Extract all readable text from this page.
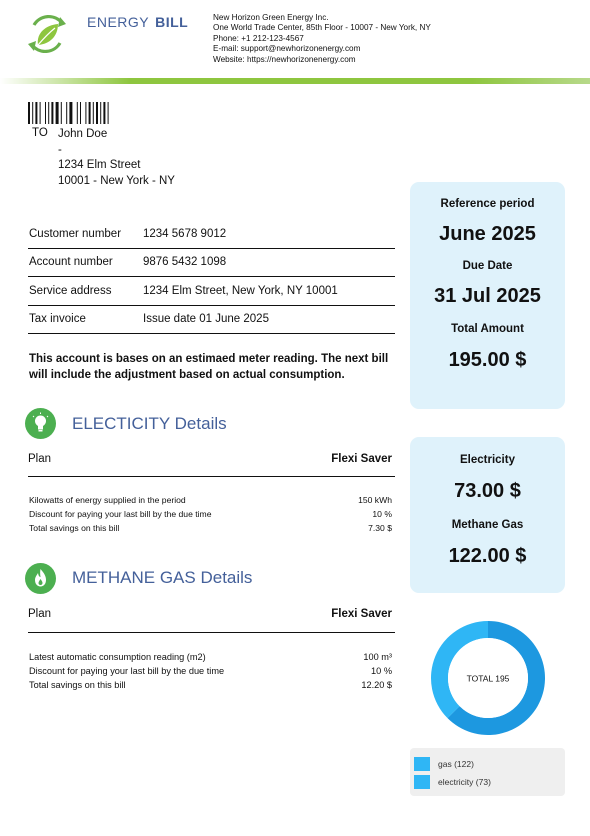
ENERGY BILL	New Horizon Green Energy Inc.
One World Trade Center, 85th Floor - 10007 - New York, NY
Phone: +1 212-123-4567
E-mail: support@newhorizonenergy.com
Website: https://newhorizonenergy.com
TO John Doe
-
1234 Elm Street
10001 - New York - NY
Customer number	1234 5678 9012
Account number	9876 5432 1098
Service address	1234 Elm Street, New York, NY 10001
Tax invoice	Issue date 01 June 2025
This account is bases on an estimaed meter reading. The next bill will include the adjustment based on actual consumption.
ELECTICITY Details
Plan	Flexi Saver
Kilowatts of energy supplied in the period	150 kWh
Discount for paying your last bill by the due time	10 %
Total savings on this bill	7.30 $
METHANE GAS Details
Plan	Flexi Saver
Latest automatic consumption reading (m2)	100 m³
Discount for paying your last bill by the due time	10 %
Total savings on this bill	12.20 $
Reference period
June 2025
Due Date
31 Jul 2025
Total Amount
195.00 $
Electricity
73.00 $
Methane Gas
122.00 $
TOTAL 195
gas (122)
electricity (73)
